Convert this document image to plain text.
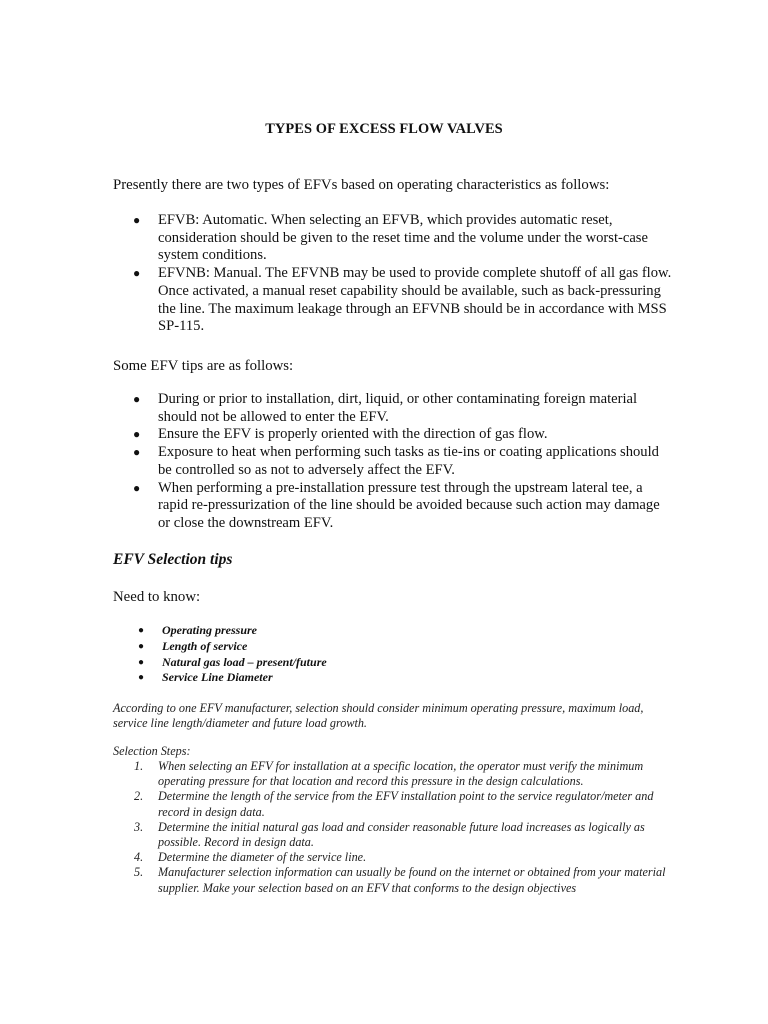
TYPES OF EXCESS FLOW VALVES
Presently there are two types of EFVs based on operating characteristics as follows:
● EFVB: Automatic. When selecting an EFVB, which provides automatic reset, consideration should be given to the reset time and the volume under the worst-case system conditions.
● EFVNB: Manual. The EFVNB may be used to provide complete shutoff of all gas flow. Once activated, a manual reset capability should be available, such as back-pressuring the line. The maximum leakage through an EFVNB should be in accordance with MSS SP-115.
Some EFV tips are as follows:
● During or prior to installation, dirt, liquid, or other contaminating foreign material should not be allowed to enter the EFV.
● Ensure the EFV is properly oriented with the direction of gas flow.
● Exposure to heat when performing such tasks as tie-ins or coating applications should be controlled so as not to adversely affect the EFV.
● When performing a pre-installation pressure test through the upstream lateral tee, a rapid re-pressurization of the line should be avoided because such action may damage or close the downstream EFV.
EFV Selection tips
Need to know:
● Operating pressure
● Length of service
● Natural gas load – present/future
● Service Line Diameter
According to one EFV manufacturer, selection should consider minimum operating pressure, maximum load, service line length/diameter and future load growth.
Selection Steps:
1. When selecting an EFV for installation at a specific location, the operator must verify the minimum operating pressure for that location and record this pressure in the design calculations.
2. Determine the length of the service from the EFV installation point to the service regulator/meter and record in design data.
3. Determine the initial natural gas load and consider reasonable future load increases as logically as possible. Record in design data.
4. Determine the diameter of the service line.
5. Manufacturer selection information can usually be found on the internet or obtained from your material supplier. Make your selection based on an EFV that conforms to the design objectives
